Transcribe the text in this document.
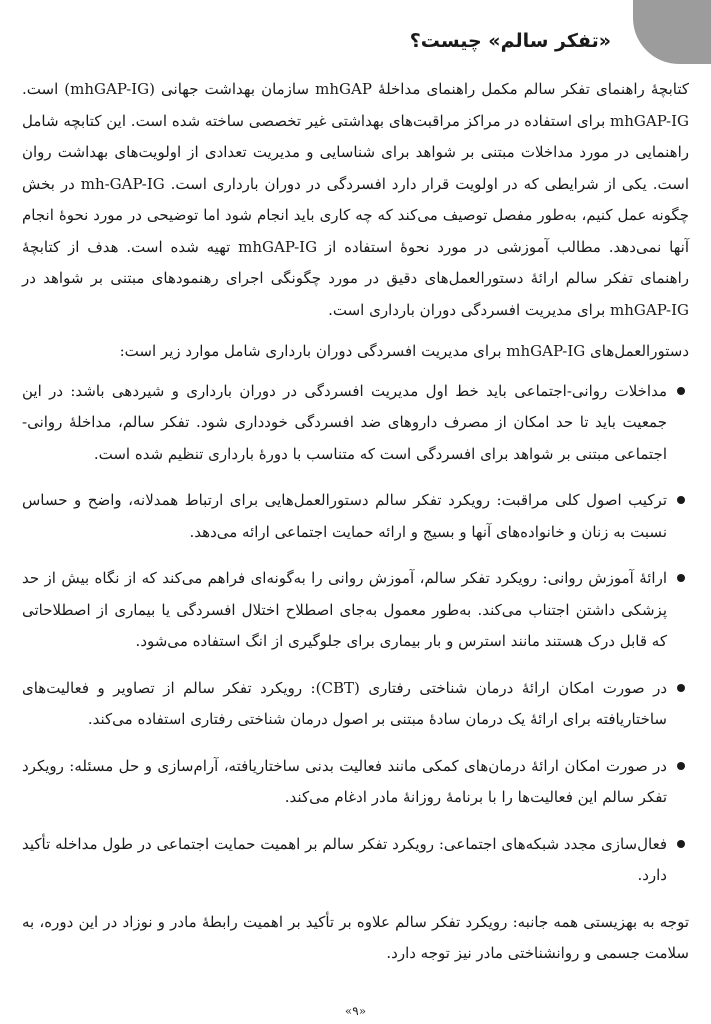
«تفکر سالم» چیست؟

کتابچهٔ راهنمای تفکر سالم مکمل راهنمای مداخلهٔ mhGAP سازمان بهداشت جهانی (mhGAP-IG) است. mhGAP-IG برای استفاده در مراکز مراقبت‌های بهداشتی غیر تخصصی ساخته شده است. این کتابچه شامل راهنمایی در مورد مداخلات مبتنی بر شواهد برای شناسایی و مدیریت تعدادی از اولویت‌های بهداشت روان است. یکی از شرایطی که در اولویت قرار دارد افسردگی در دوران بارداری است. mh-GAP-IG در بخش چگونه عمل کنیم، به‌طور مفصل توصیف می‌کند که چه کاری باید انجام شود اما توضیحی در مورد نحوهٔ انجام آنها نمی‌دهد. مطالب آموزشی در مورد نحوهٔ استفاده از mhGAP-IG تهیه شده است. هدف از کتابچهٔ راهنمای تفکر سالم ارائهٔ دستورالعمل‌های دقیق در مورد چگونگی اجرای رهنمودهای مبتنی بر شواهد در mhGAP-IG برای مدیریت افسردگی دوران بارداری است.

دستورالعمل‌های mhGAP-IG برای مدیریت افسردگی دوران بارداری شامل موارد زیر است:

مداخلات روانی-اجتماعی باید خط اول مدیریت افسردگی در دوران بارداری و شیردهی باشد: در این جمعیت باید تا حد امکان از مصرف داروهای ضد افسردگی خودداری شود. تفکر سالم، مداخلهٔ روانی-اجتماعی مبتنی بر شواهد برای افسردگی است که متناسب با دورهٔ بارداری تنظیم شده است.
ترکیب اصول کلی مراقبت: رویکرد تفکر سالم دستورالعمل‌هایی برای ارتباط همدلانه، واضح و حساس نسبت به زنان و خانواده‌های آنها و بسیج و ارائه حمایت اجتماعی ارائه می‌دهد.
ارائهٔ آموزش روانی: رویکرد تفکر سالم، آموزش روانی را به‌گونه‌ای فراهم می‌کند که از نگاه بیش از حد پزشکی داشتن اجتناب می‌کند. به‌طور معمول به‌جای اصطلاح اختلال افسردگی یا بیماری از اصطلاحاتی که قابل درک هستند مانند استرس و بار بیماری برای جلوگیری از انگ استفاده می‌شود.
در صورت امکان ارائهٔ درمان شناختی رفتاری (CBT): رویکرد تفکر سالم از تصاویر و فعالیت‌های ساختاریافته برای ارائهٔ یک درمان سادهٔ مبتنی بر اصول درمان شناختی رفتاری استفاده می‌کند.
در صورت امکان ارائهٔ درمان‌های کمکی مانند فعالیت بدنی ساختاریافته، آرام‌سازی و حل مسئله: رویکرد تفکر سالم این فعالیت‌ها را با برنامهٔ روزانهٔ مادر ادغام می‌کند.
فعال‌سازی مجدد شبکه‌های اجتماعی: رویکرد تفکر سالم بر اهمیت حمایت اجتماعی در طول مداخله تأکید دارد.

توجه به بهزیستی همه جانبه: رویکرد تفکر سالم علاوه بر تأکید بر اهمیت رابطهٔ مادر و نوزاد در این دوره، به سلامت جسمی و روانشناختی مادر نیز توجه دارد.

«۹»
